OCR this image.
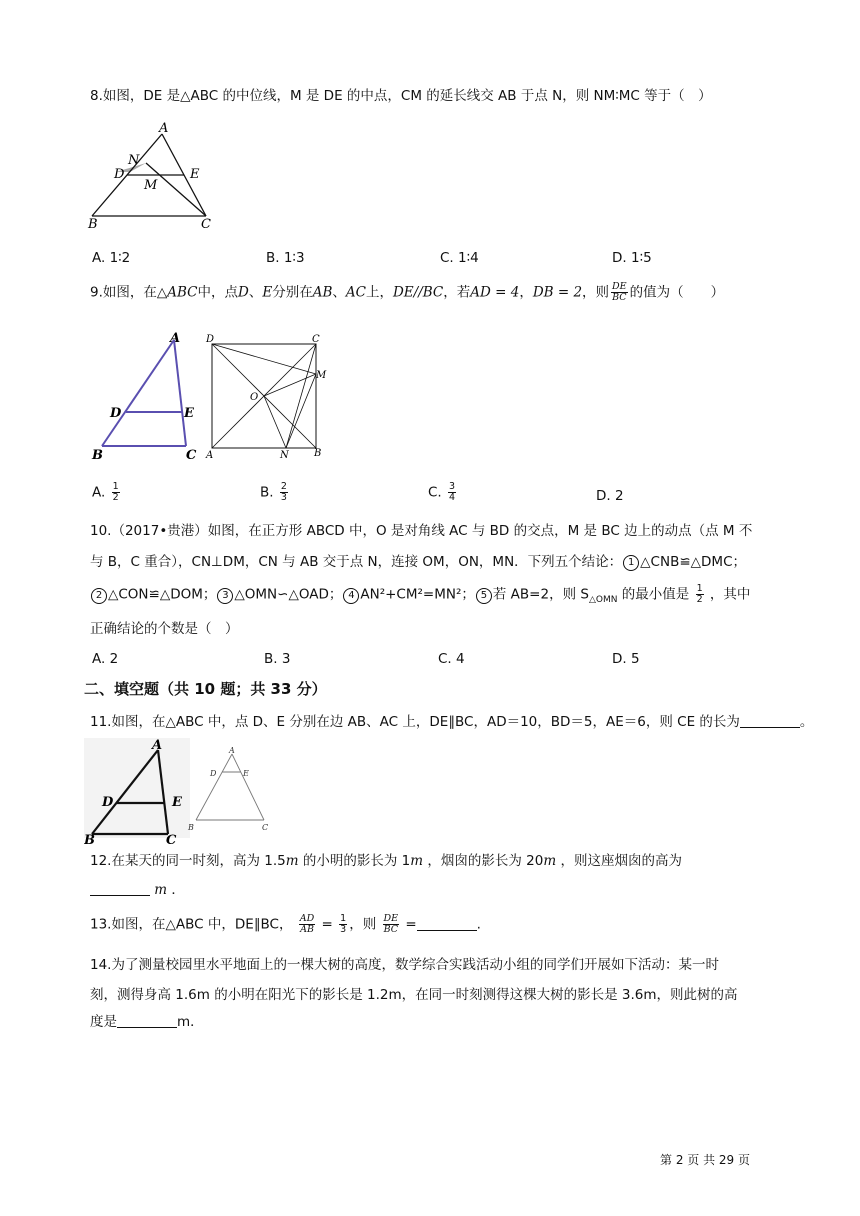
8.如图，DE 是△ABC 的中位线，M 是 DE 的中点，CM 的延长线交 AB 于点 N，则 NM∶MC 等于（　）
A
N
D	E
M
B	C
A. 1∶2	B. 1∶3	C. 1∶4	D. 1∶5
9.如图，在△ABC中，点D、E分别在AB、AC上，DE//BC，若AD = 4，DB = 2，则 $\frac{DE}{BC}$ 的值为（　　）
A
D	E
B	C
D	C
M
O
A	N	B
A. $\frac{1}{2}$	B. $\frac{2}{3}$	C. $\frac{3}{4}$	D. 2
10.（2017•贵港）如图，在正方形 ABCD 中，O 是对角线 AC 与 BD 的交点，M 是 BC 边上的动点（点 M 不
与 B，C 重合），CN⊥DM，CN 与 AB 交于点 N，连接 OM，ON，MN．下列五个结论： 1 △CNB≌△DMC；
2 △CON≌△DOM； 3 △OMN∽△OAD； 4 AN²+CM²=MN²； 5 若 AB=2，则 $S_{\triangle OMN}$ 的最小值是 $\frac{1}{2}$ ，其中
正确结论的个数是（　）
A. 2	B. 3	C. 4	D. 5
二、填空题（共 10 题；共 33 分）
11.如图，在△ABC 中，点 D、E 分别在边 AB、AC 上，DE∥BC，AD＝10，BD＝5，AE＝6，则 CE 的长为	。
A
D	E
B	C
A
D	E
B	C
12.在某天的同一时刻，高为 1.5m 的小明的影长为 1m ，烟囱的影长为 20m ，则这座烟囱的高为
m ．
13.如图，在△ABC 中，DE∥BC， $\frac{AD}{AB} = \frac{1}{3}$ ，则 $\frac{DE}{BC}$ =	.
14.为了测量校园里水平地面上的一棵大树的高度，数学综合实践活动小组的同学们开展如下活动：某一时
刻，测得身高 1.6m 的小明在阳光下的影长是 1.2m，在同一时刻测得这棵大树的影长是 3.6m，则此树的高
度是	m．
第 2 页 共 29 页
